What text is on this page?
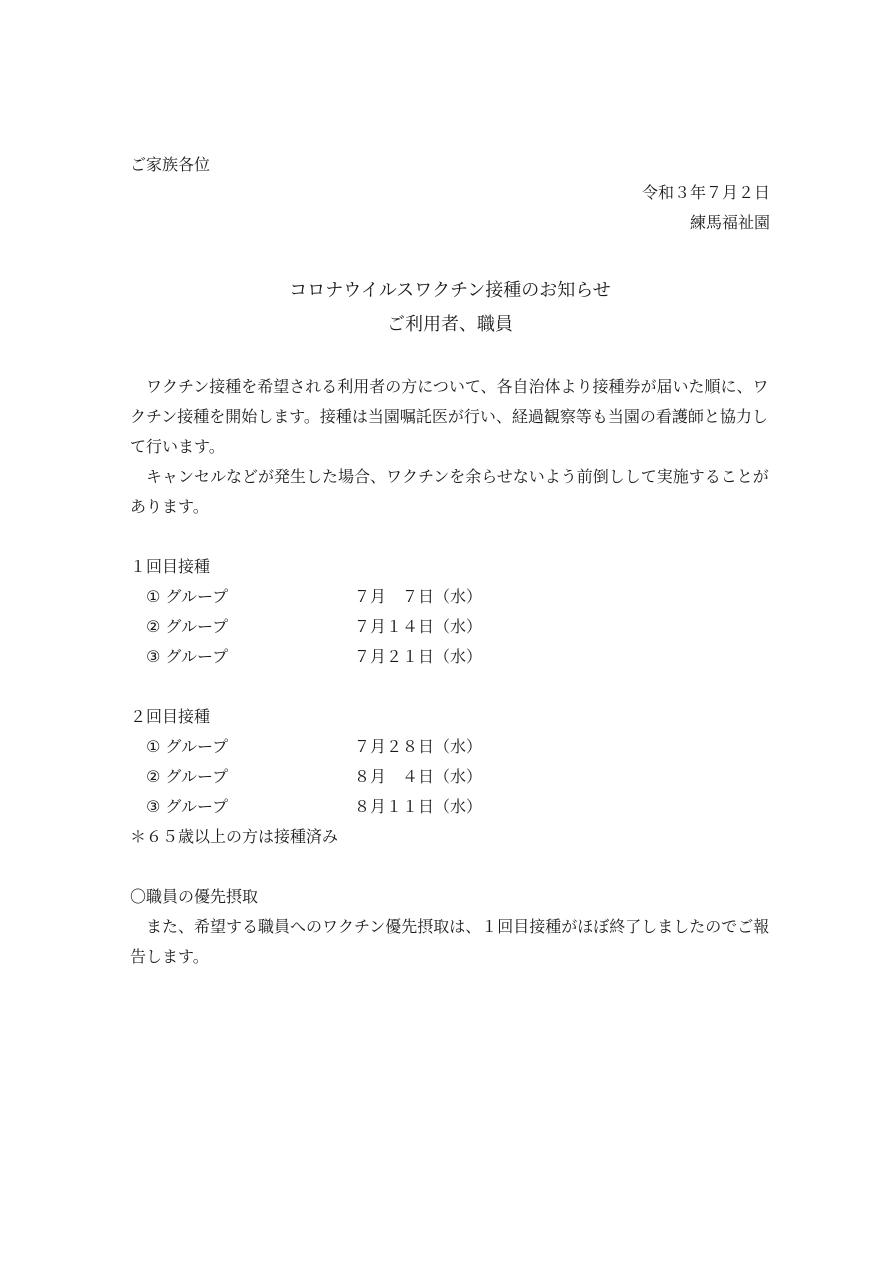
ご家族各位
令和３年７月２日
練馬福祉園
コロナウイルスワクチン接種のお知らせ
ご利用者、職員

ワクチン接種を希望される利用者の方について、各自治体より接種券が届いた順に、ワクチン接種を開始します。接種は当園嘱託医が行い、経過観察等も当園の看護師と協力して行います。

キャンセルなどが発生した場合、ワクチンを余らせないよう前倒しして実施することがあります。

１回目接種
① グループ	７月　７日（水）
② グループ	７月１４日（水）
③ グループ	７月２１日（水）
２回目接種
① グループ	７月２８日（水）
② グループ	８月　４日（水）
③ グループ	８月１１日（水）
＊６５歳以上の方は接種済み
〇職員の優先摂取

また、希望する職員へのワクチン優先摂取は、１回目接種がほぼ終了しましたのでご報告します。
